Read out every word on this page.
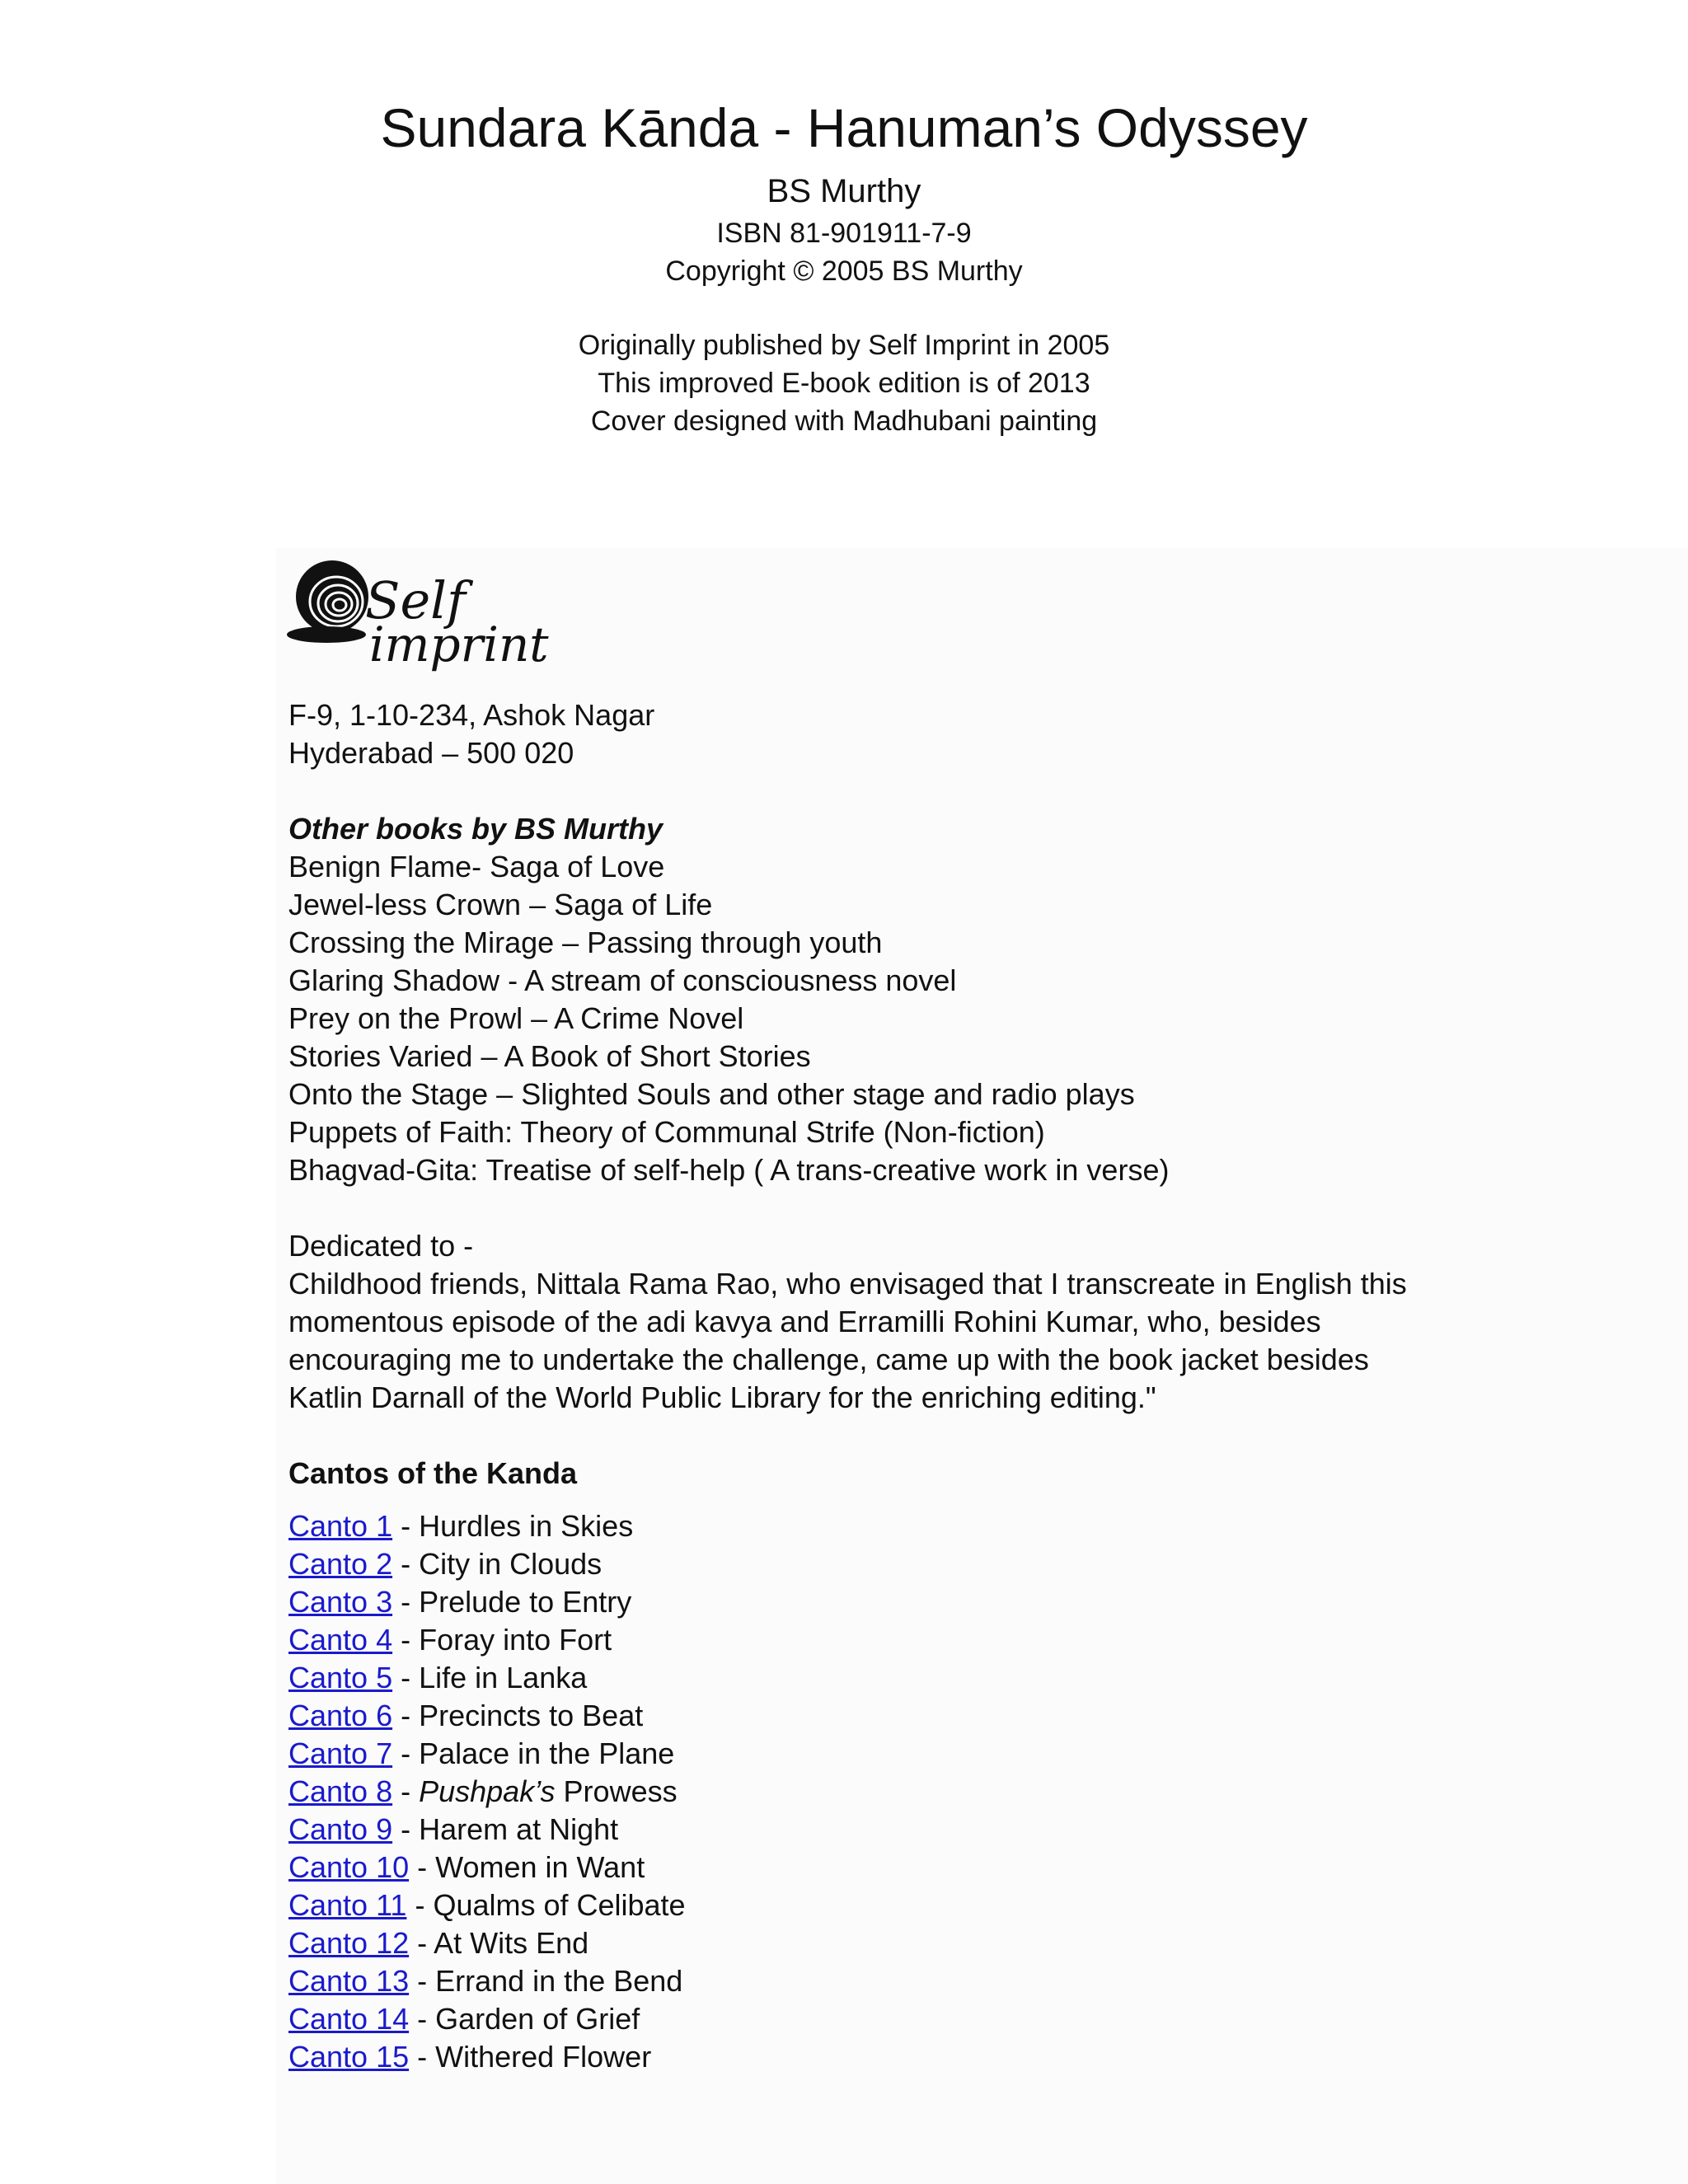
Sundara Kānda - Hanuman’s Odyssey
BS Murthy
ISBN 81-901911-7-9
Copyright © 2005 BS Murthy
Originally published by Self Imprint in 2005
This improved E-book edition is of 2013
Cover designed with Madhubani painting
Self
imprint
F-9, 1-10-234, Ashok Nagar
Hyderabad – 500 020
Other books by BS Murthy
Benign Flame- Saga of Love
Jewel-less Crown – Saga of Life
Crossing the Mirage – Passing through youth
Glaring Shadow - A stream of consciousness novel
Prey on the Prowl – A Crime Novel
Stories Varied – A Book of Short Stories
Onto the Stage – Slighted Souls and other stage and radio plays
Puppets of Faith: Theory of Communal Strife (Non-fiction)
Bhagvad-Gita: Treatise of self-help ( A trans-creative work in verse)
Dedicated to -
Childhood friends, Nittala Rama Rao, who envisaged that I transcreate in English this
momentous episode of the adi kavya and Erramilli Rohini Kumar, who, besides
encouraging me to undertake the challenge, came up with the book jacket besides
Katlin Darnall of the World Public Library for the enriching editing."
Cantos of the Kanda
Canto 1 - Hurdles in Skies
Canto 2 - City in Clouds
Canto 3 - Prelude to Entry
Canto 4 - Foray into Fort
Canto 5 - Life in Lanka
Canto 6 - Precincts to Beat
Canto 7 - Palace in the Plane
Canto 8 - Pushpak’s Prowess
Canto 9 - Harem at Night
Canto 10 - Women in Want
Canto 11 - Qualms of Celibate
Canto 12 - At Wits End
Canto 13 - Errand in the Bend
Canto 14 - Garden of Grief
Canto 15 - Withered Flower
